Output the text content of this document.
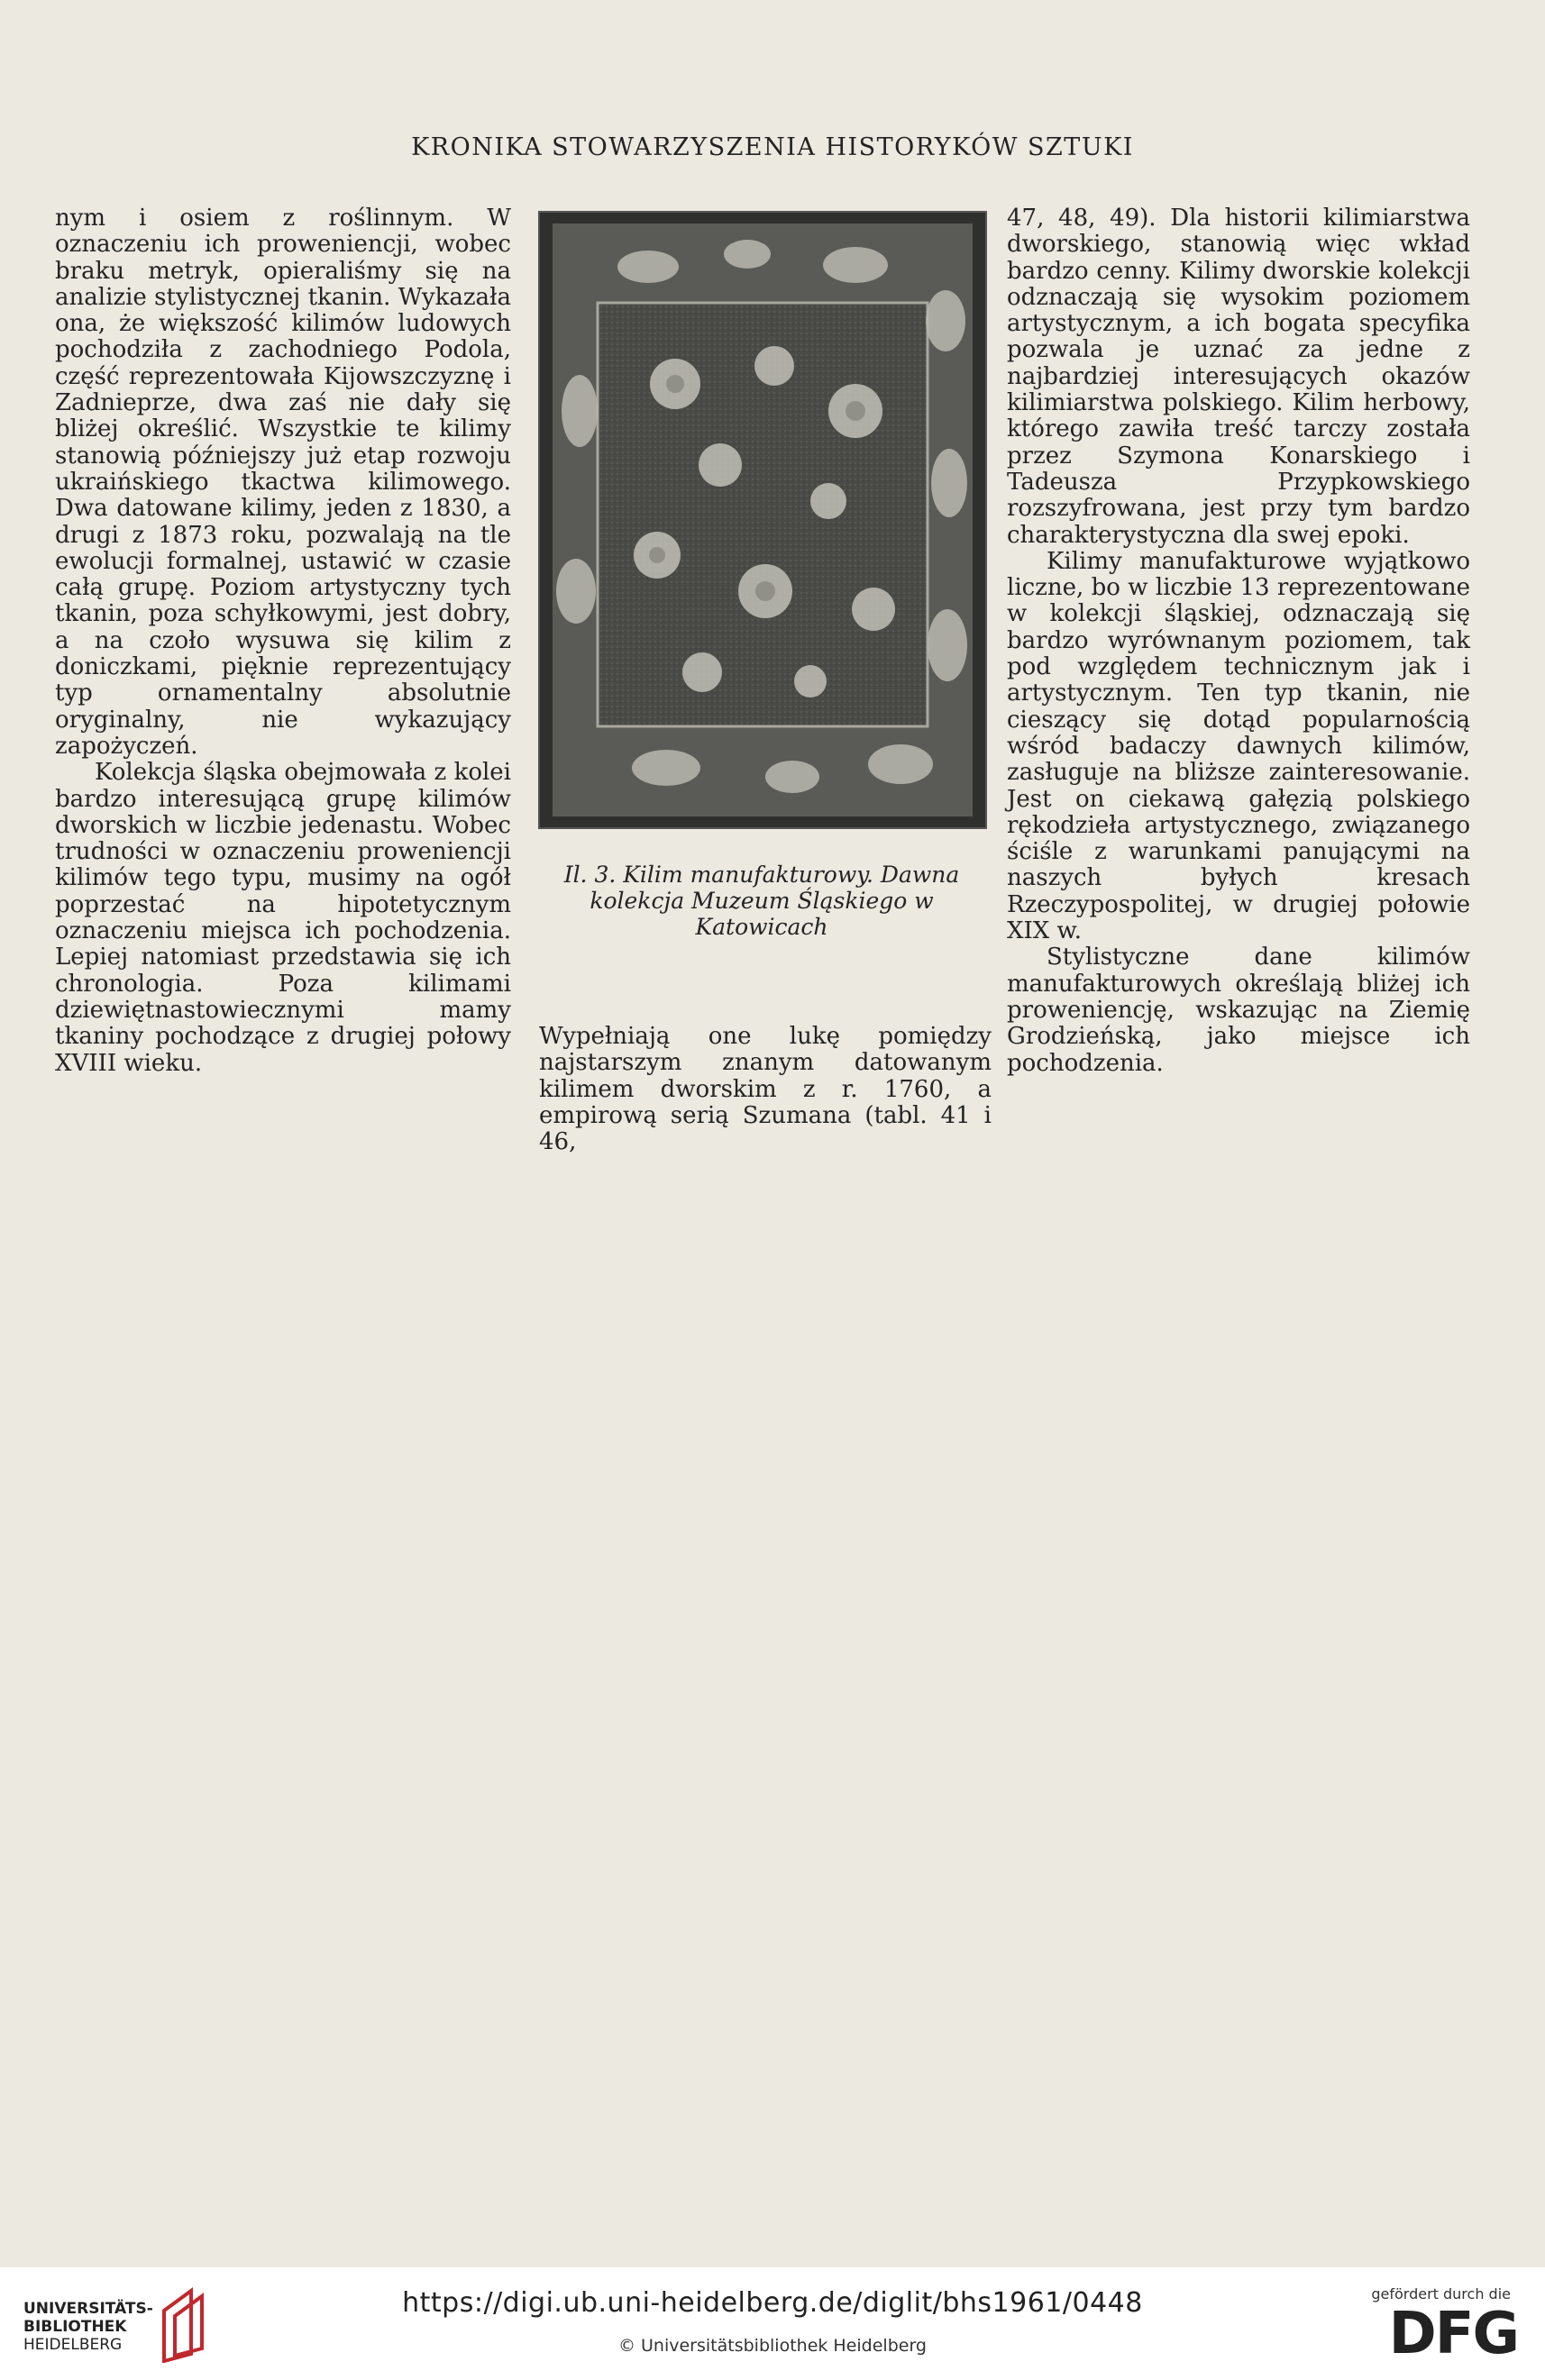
KRONIKA STOWARZYSZENIA HISTORYKÓW SZTUKI

nym i osiem z roślinnym. W oznaczeniu ich proweniencji, wobec braku metryk, opieraliśmy się na analizie stylistycznej tkanin. Wykazała ona, że większość kilimów ludowych pochodziła z zachodniego Podola, część reprezentowała Kijowszczyznę i Zadnieprze, dwa zaś nie dały się bliżej określić. Wszystkie te kilimy stanowią późniejszy już etap rozwoju ukraińskiego tkactwa kilimowego. Dwa datowane kilimy, jeden z 1830, a drugi z 1873 roku, pozwalają na tle ewolucji formalnej, ustawić w czasie całą grupę. Poziom artystyczny tych tkanin, poza schyłkowymi, jest dobry, a na czoło wysuwa się kilim z doniczkami, pięknie reprezentujący typ ornamentalny absolutnie oryginalny, nie wykazujący zapożyczeń.

Kolekcja śląska obejmowała z kolei bardzo interesującą grupę kilimów dworskich w liczbie jedenastu. Wobec trudności w oznaczeniu proweniencji kilimów tego typu, musimy na ogół poprzestać na hipotetycznym oznaczeniu miejsca ich pochodzenia. Lepiej natomiast przedstawia się ich chronologia. Poza kilimami dziewiętnastowiecznymi mamy tkaniny pochodzące z drugiej połowy XVIII wieku.

Il. 3. Kilim manufakturowy. Dawna kolekcja Muzeum Śląskiego w Katowicach

Wypełniają one lukę pomiędzy najstarszym znanym datowanym kilimem dworskim z r. 1760, a empirową serią Szumana (tabl. 41 i 46,

47, 48, 49). Dla historii kilimiarstwa dworskiego, stanowią więc wkład bardzo cenny. Kilimy dworskie kolekcji odznaczają się wysokim poziomem artystycznym, a ich bogata specyfika pozwala je uznać za jedne z najbardziej interesujących okazów kilimiarstwa polskiego. Kilim herbowy, którego zawiła treść tarczy została przez Szymona Konarskiego i Tadeusza Przypkowskiego rozszyfrowana, jest przy tym bardzo charakterystyczna dla swej epoki.

Kilimy manufakturowe wyjątkowo liczne, bo w liczbie 13 reprezentowane w kolekcji śląskiej, odznaczają się bardzo wyrównanym poziomem, tak pod względem technicznym jak i artystycznym. Ten typ tkanin, nie cieszący się dotąd popularnością wśród badaczy dawnych kilimów, zasługuje na bliższe zainteresowanie. Jest on ciekawą gałęzią polskiego rękodzieła artystycznego, związanego ściśle z warunkami panującymi na naszych byłych kresach Rzeczypospolitej, w drugiej połowie XIX w.

Stylistyczne dane kilimów manufakturowych określają bliżej ich proweniencję, wskazując na Ziemię Grodzieńską, jako miejsce ich pochodzenia.

UNIVERSITÄTS-
BIBLIOTHEK
HEIDELBERG
https://digi.ub.uni-heidelberg.de/diglit/bhs1961/0448
© Universitätsbibliothek Heidelberg
gefördert durch die
DFG
